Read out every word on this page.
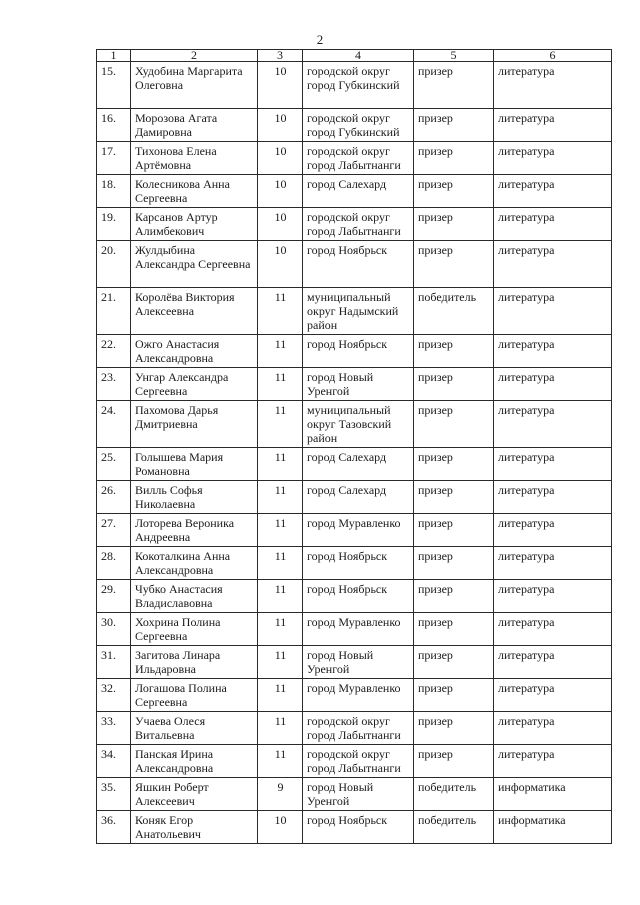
2
1	2	3	4	5	6
15.	Худобина Маргарита Олеговна	10	городской округ город Губкинский	призер	литература
16.	Морозова Агата Дамировна	10	городской округ город Губкинский	призер	литература
17.	Тихонова Елена Артёмовна	10	городской округ город Лабытнанги	призер	литература
18.	Колесникова Анна Сергеевна	10	город Салехард	призер	литература
19.	Карсанов Артур Алимбекович	10	городской округ город Лабытнанги	призер	литература
20.	Жулдыбина Александра Сергеевна	10	город Ноябрьск	призер	литература
21.	Королёва Виктория Алексеевна	11	муниципальный округ Надымский район	победитель	литература
22.	Ожго Анастасия Александровна	11	город Ноябрьск	призер	литература
23.	Унгар Александра Сергеевна	11	город Новый Уренгой	призер	литература
24.	Пахомова Дарья Дмитриевна	11	муниципальный округ Тазовский район	призер	литература
25.	Голышева Мария Романовна	11	город Салехард	призер	литература
26.	Вилль Софья Николаевна	11	город Салехард	призер	литература
27.	Лоторева Вероника Андреевна	11	город Муравленко	призер	литература
28.	Кокоталкина Анна Александровна	11	город Ноябрьск	призер	литература
29.	Чубко Анастасия Владиславовна	11	город Ноябрьск	призер	литература
30.	Хохрина Полина Сергеевна	11	город Муравленко	призер	литература
31.	Загитова Линара Ильдаровна	11	город Новый Уренгой	призер	литература
32.	Логашова Полина Сергеевна	11	город Муравленко	призер	литература
33.	Учаева Олеся Витальевна	11	городской округ город Лабытнанги	призер	литература
34.	Панская Ирина Александровна	11	городской округ город Лабытнанги	призер	литература
35.	Яшкин Роберт Алексеевич	9	город Новый Уренгой	победитель	информатика
36.	Коняк Егор Анатольевич	10	город Ноябрьск	победитель	информатика
